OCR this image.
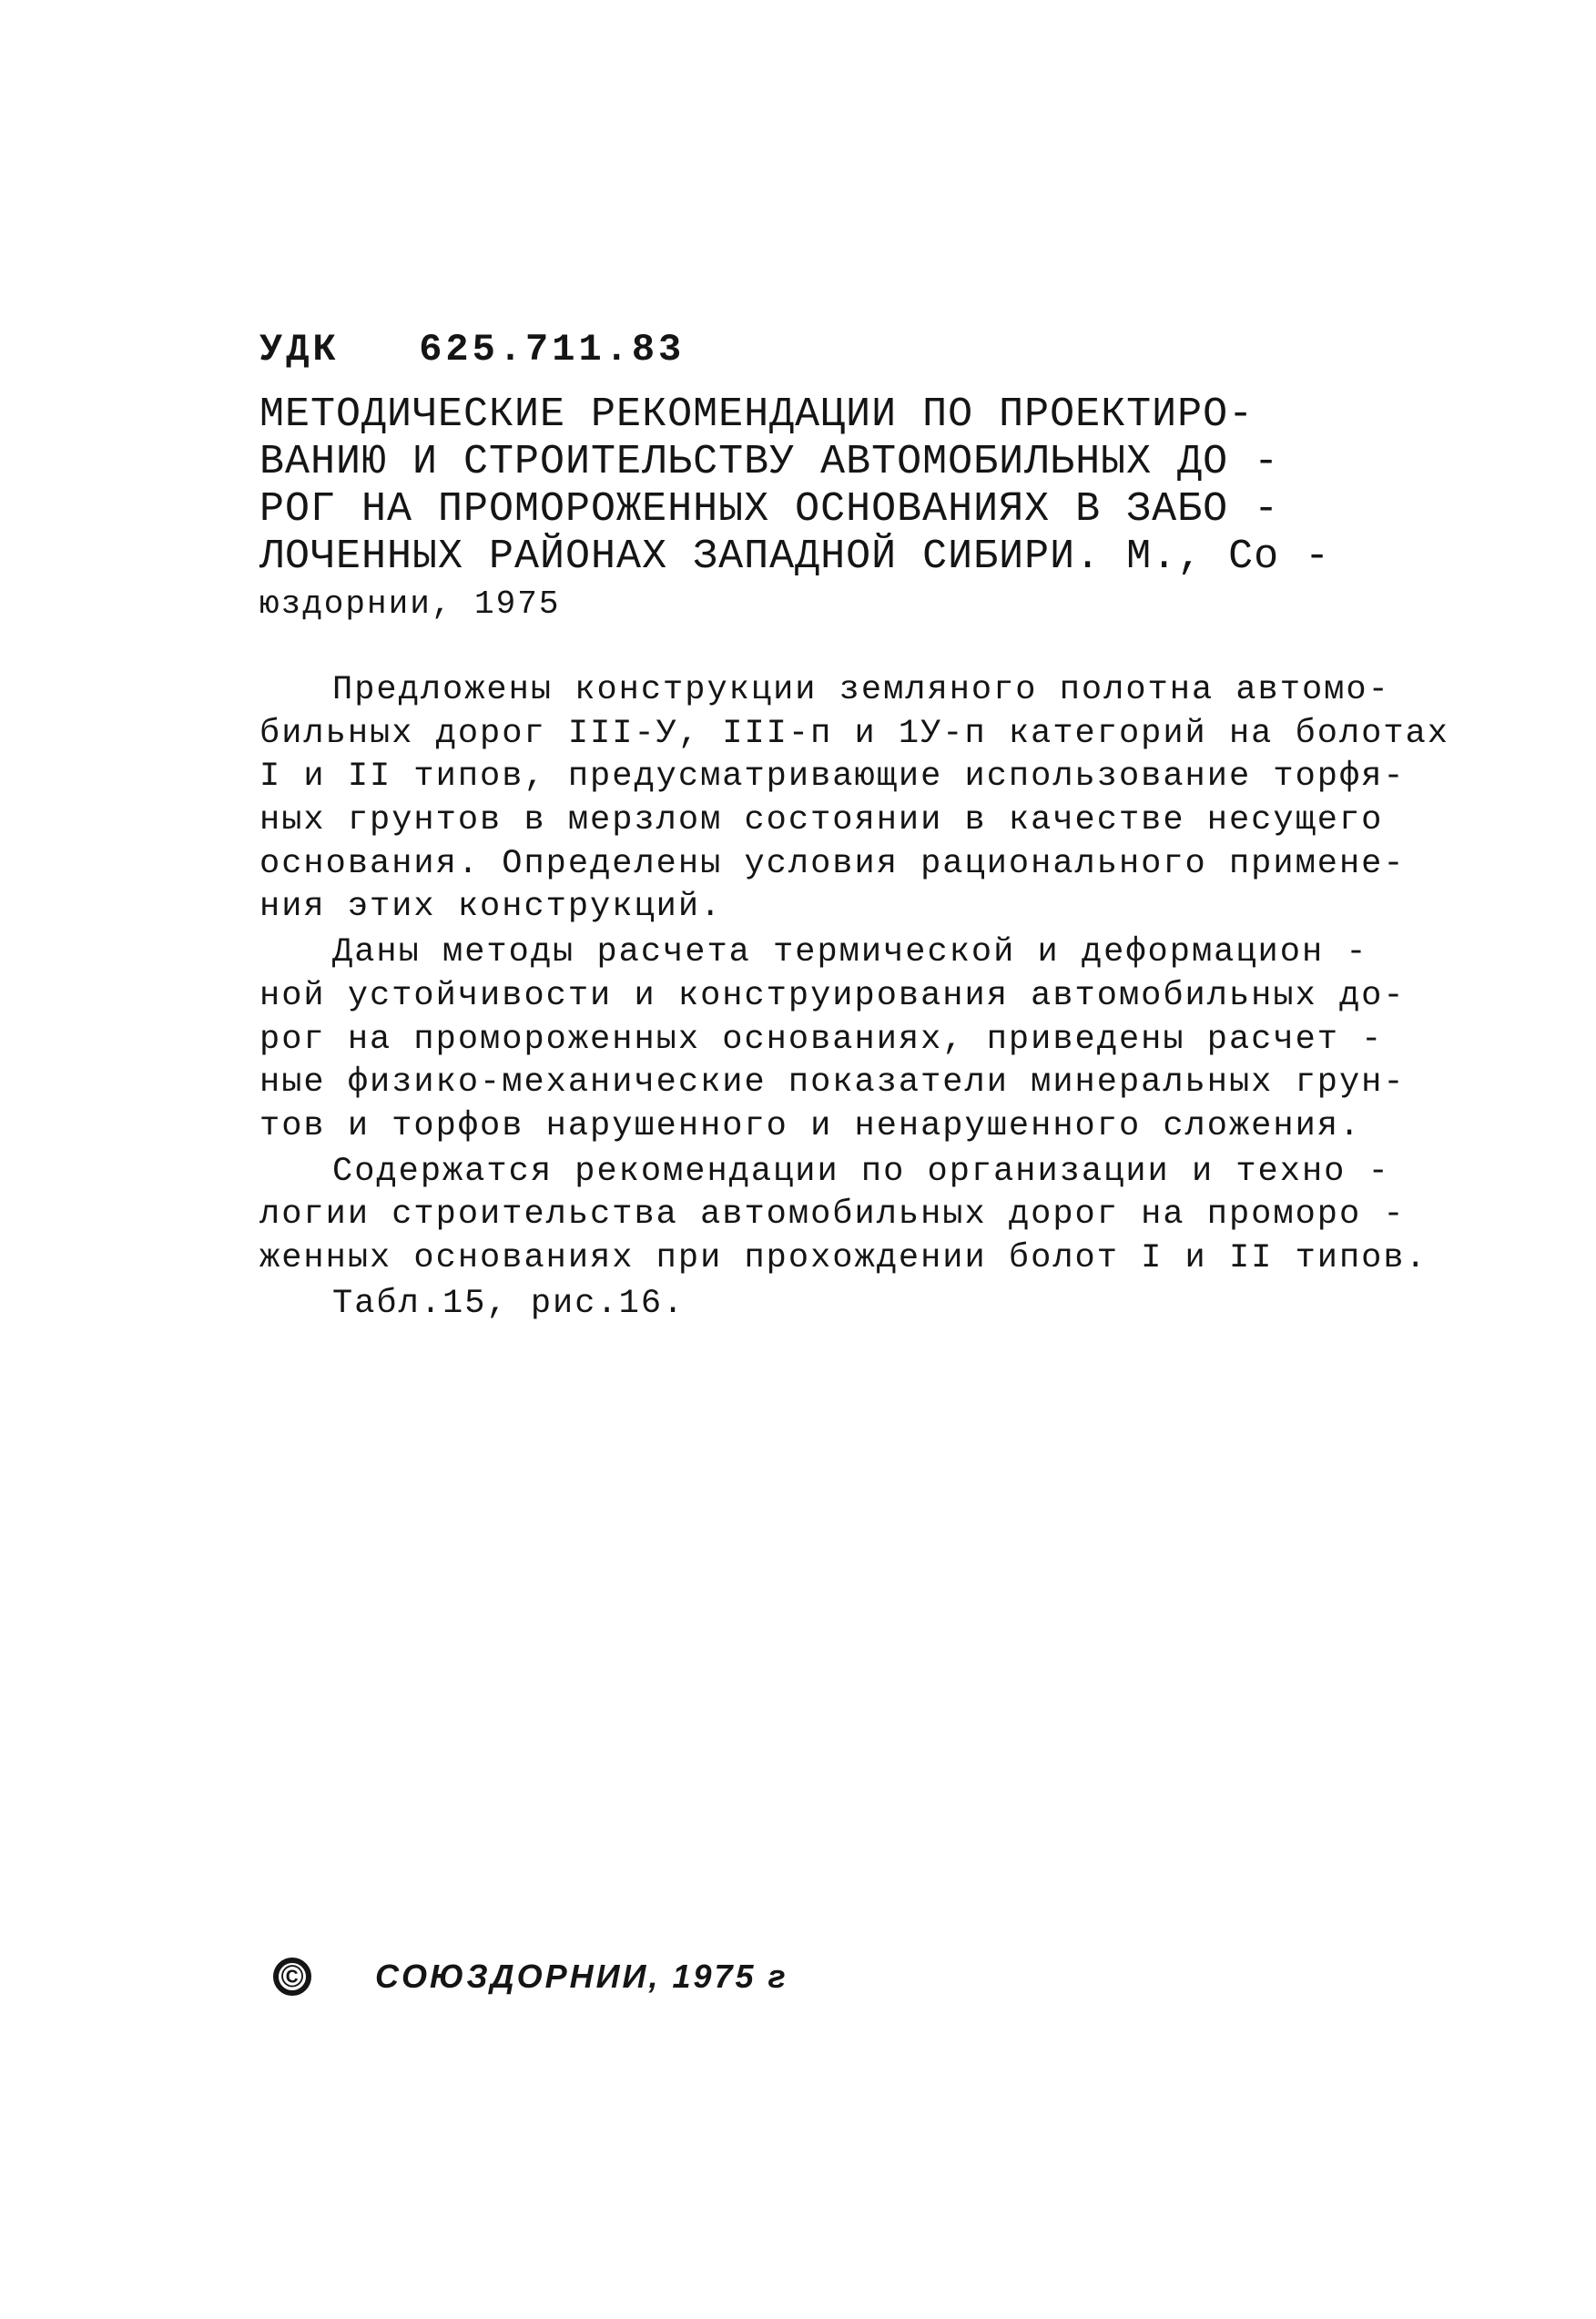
УДК   625.711.83
МЕТОДИЧЕСКИЕ РЕКОМЕНДАЦИИ ПО ПРОЕКТИРО-
ВАНИЮ И СТРОИТЕЛЬСТВУ АВТОМОБИЛЬНЫХ ДО -
РОГ НА ПРОМОРОЖЕННЫХ ОСНОВАНИЯХ В ЗАБО -
ЛОЧЕННЫХ РАЙОНАХ ЗАПАДНОЙ СИБИРИ. М., Со -
юздорнии, 1975
Предложены конструкции земляного полотна автомо-
бильных дорог III-У, III-п и 1У-п категорий на болотах
I и II типов, предусматривающие использование торфя-
ных грунтов в мерзлом состоянии в качестве несущего
основания. Определены условия рационального примене-
ния этих конструкций.
Даны методы расчета термической и деформацион -
ной устойчивости и конструирования автомобильных до-
рог на промороженных основаниях, приведены расчет -
ные физико-механические показатели минеральных грун-
тов и торфов нарушенного и ненарушенного сложения.
Содержатся рекомендации по организации и техно -
логии строительства автомобильных дорог на проморо -
женных основаниях при прохождении болот I и II типов.
Табл.15, рис.16.
© СОЮЗДОРНИИ, 1975 г
